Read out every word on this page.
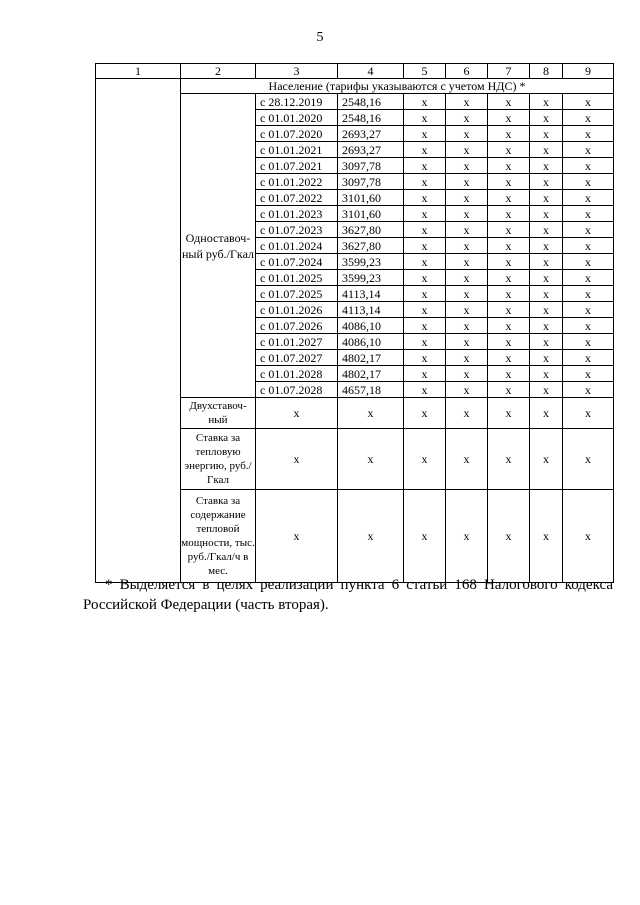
5
1	2	3	4	5	6	7	8	9
	Население (тарифы указываются с учетом НДС) *							
	Одноставоч-ный руб./Гкал	с 28.12.2019	2548,16	x	x	x	x	x
		с 01.01.2020	2548,16	x	x	x	x	x
		с 01.07.2020	2693,27	x	x	x	x	x
		с 01.01.2021	2693,27	x	x	x	x	x
		с 01.07.2021	3097,78	x	x	x	x	x
		с 01.01.2022	3097,78	x	x	x	x	x
		с 01.07.2022	3101,60	x	x	x	x	x
		с 01.01.2023	3101,60	x	x	x	x	x
		с 01.07.2023	3627,80	x	x	x	x	x
		с 01.01.2024	3627,80	x	x	x	x	x
		с 01.07.2024	3599,23	x	x	x	x	x
		с 01.01.2025	3599,23	x	x	x	x	x
		с 01.07.2025	4113,14	x	x	x	x	x
		с 01.01.2026	4113,14	x	x	x	x	x
		с 01.07.2026	4086,10	x	x	x	x	x
		с 01.01.2027	4086,10	x	x	x	x	x
		с 01.07.2027	4802,17	x	x	x	x	x
		с 01.01.2028	4802,17	x	x	x	x	x
		с 01.07.2028	4657,18	x	x	x	x	x
	Двухставоч-ный	x	x	x	x	x	x	x
	Ставка за тепловую энергию, руб./Гкал	x	x	x	x	x	x	x
	Ставка за содержание тепловой мощности, тыс. руб./Гкал/ч в мес.	x	x	x	x	x	x	x
* Выделяется в целях реализации пункта 6 статьи 168 Налогового кодекса Российской Федерации (часть вторая).
